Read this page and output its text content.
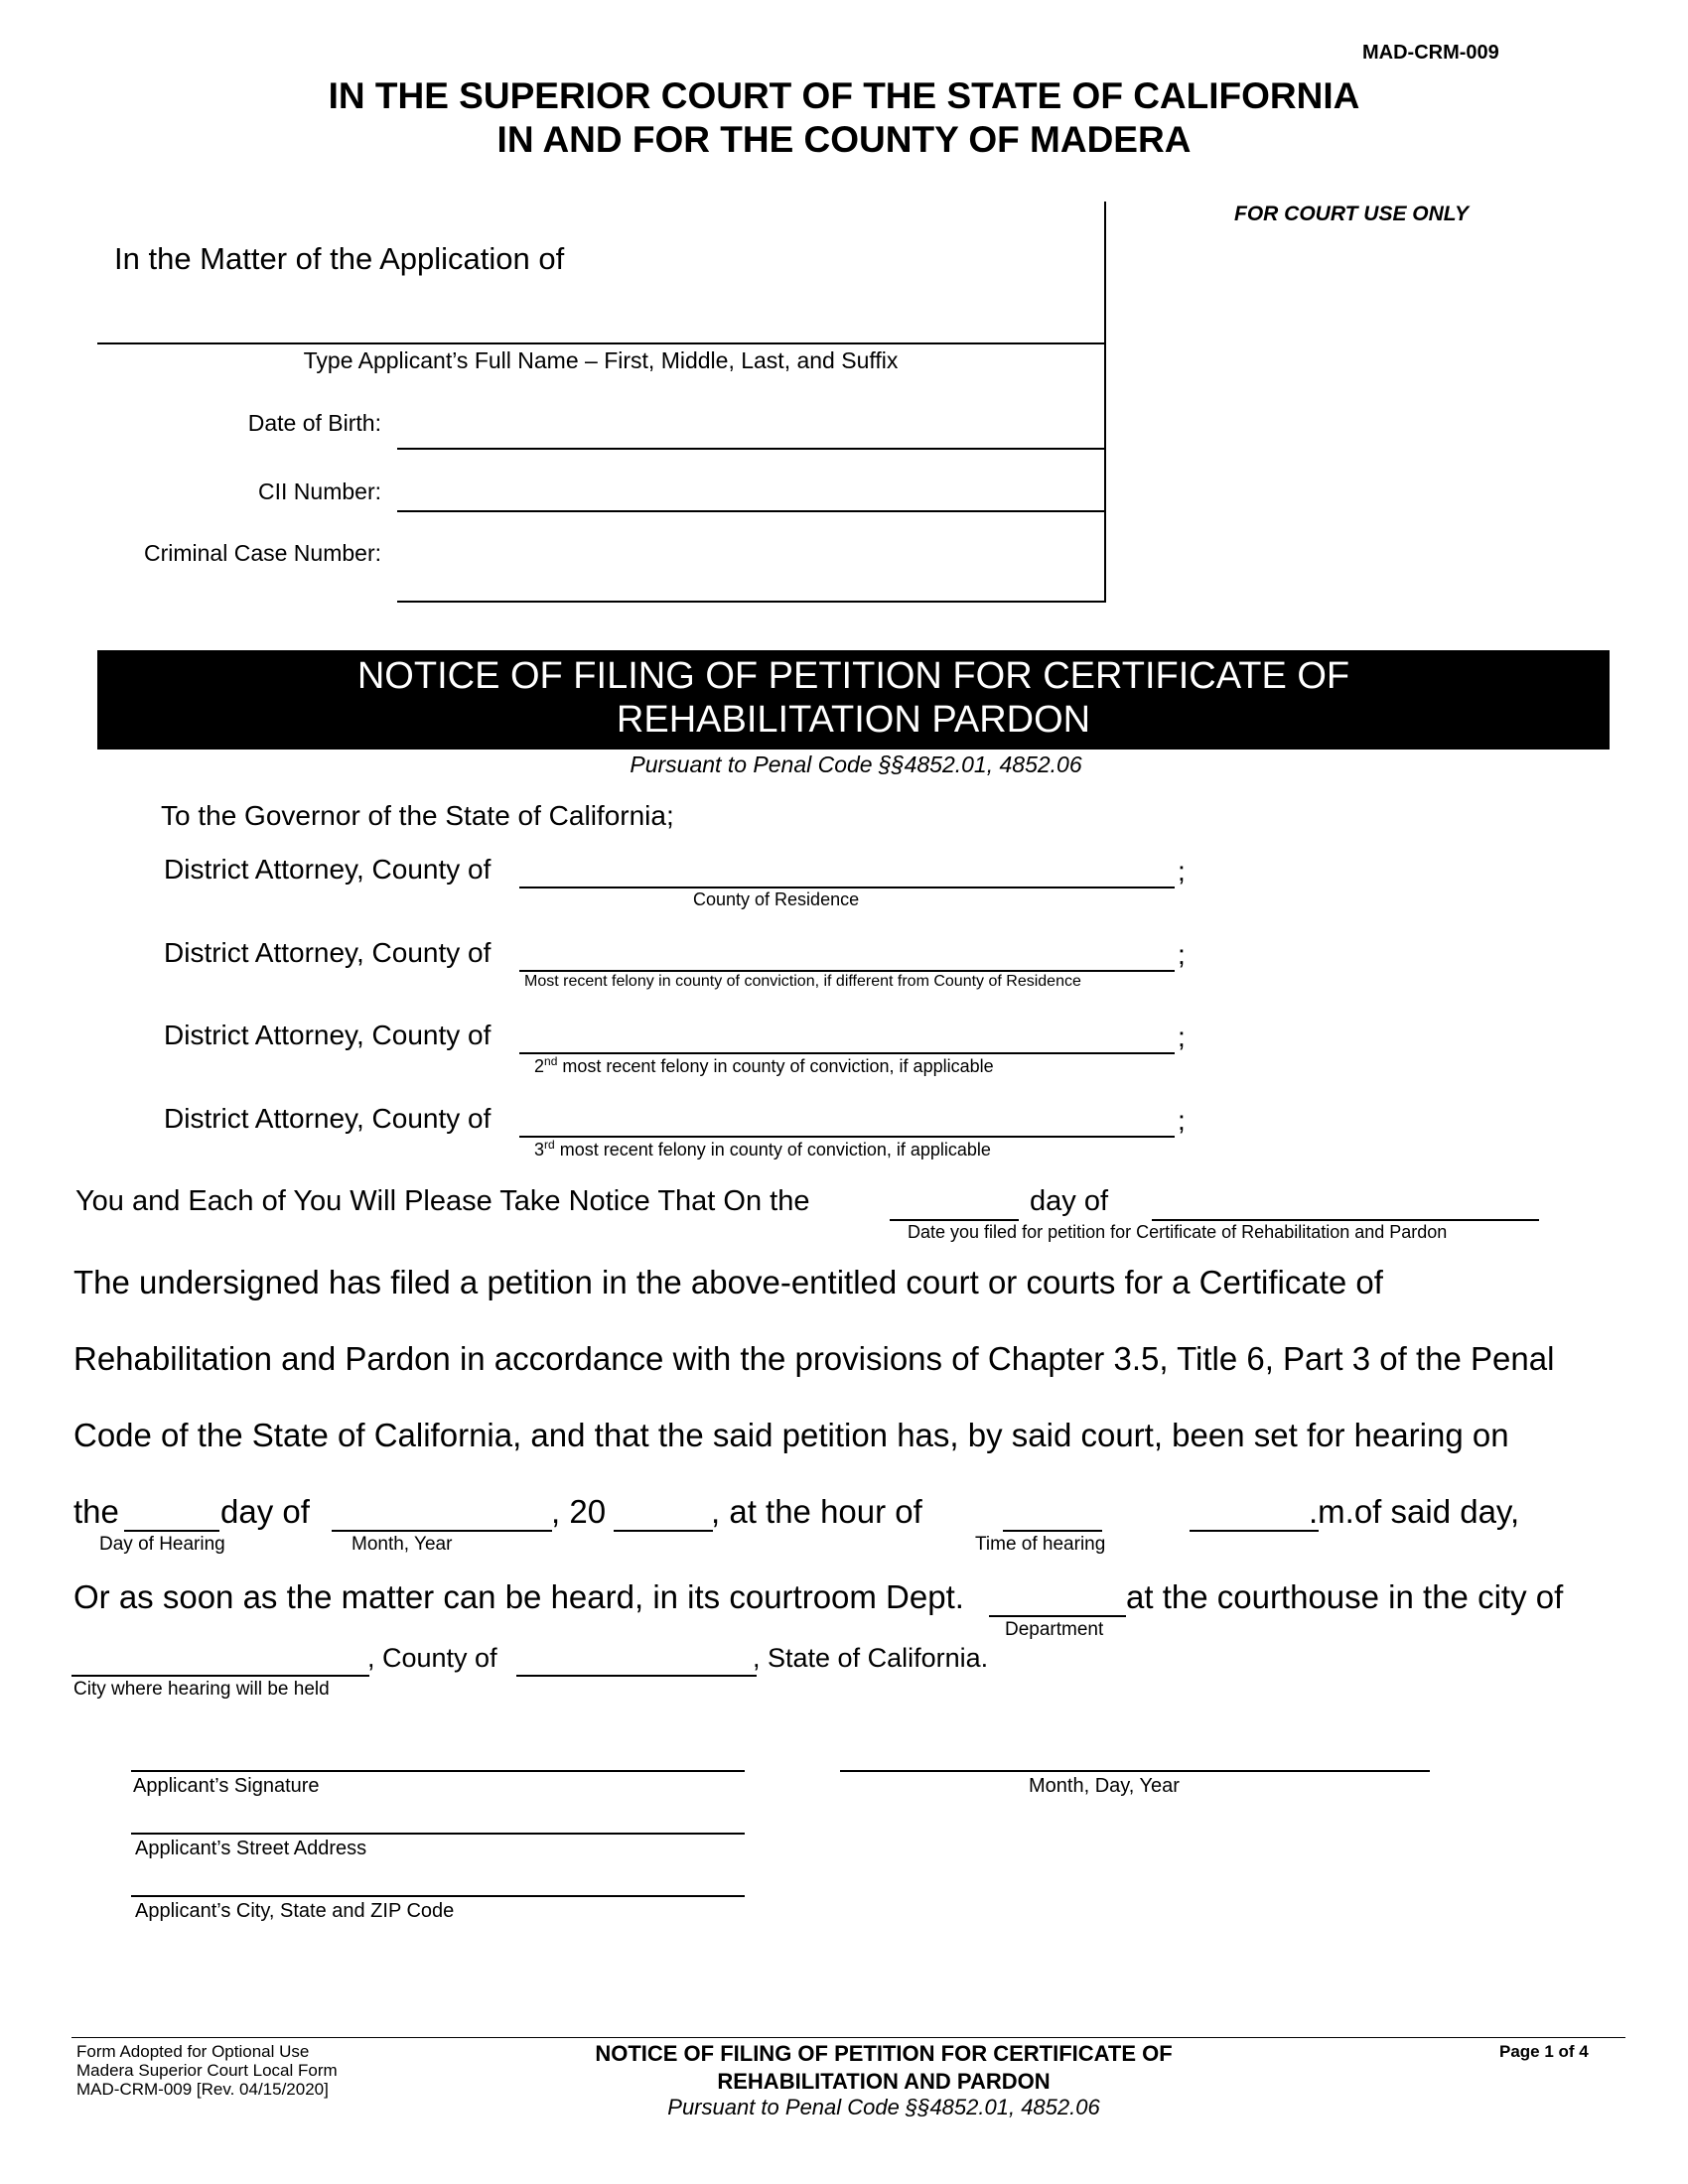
MAD-CRM-009
IN THE SUPERIOR COURT OF THE STATE OF CALIFORNIA
IN AND FOR THE COUNTY OF MADERA
FOR COURT USE ONLY
In the Matter of the Application of
Type Applicant’s Full Name – First, Middle, Last, and Suffix
Date of Birth:
CII Number:
Criminal Case Number:
NOTICE OF FILING OF PETITION FOR CERTIFICATE OF
REHABILITATION PARDON
Pursuant to Penal Code §§4852.01, 4852.06
To the Governor of the State of California;
District Attorney, County of	;
County of Residence
District Attorney, County of	;
Most recent felony in county of conviction, if different from County of Residence
District Attorney, County of	;
2nd most recent felony in county of conviction, if applicable
District Attorney, County of	;
3rd most recent felony in county of conviction, if applicable
You and Each of You Will Please Take Notice That On the	day of
Date you filed for petition for Certificate of Rehabilitation and Pardon
The undersigned has filed a petition in the above-entitled court or courts for a Certificate of
Rehabilitation and Pardon in accordance with the provisions of Chapter 3.5, Title 6, Part 3 of the Penal
Code of the State of California, and that the said petition has, by said court, been set for hearing on
the	day of	, 20	, at the hour of	.m.of said day,
Day of Hearing	Month, Year	Time of hearing
Or as soon as the matter can be heard, in its courtroom Dept.	at the courthouse in the city of
Department
, County of	, State of California.
City where hearing will be held
Applicant’s Signature	Month, Day, Year
Applicant’s Street Address
Applicant’s City, State and ZIP Code
Form Adopted for Optional Use
Madera Superior Court Local Form
MAD-CRM-009 [Rev. 04/15/2020]
NOTICE OF FILING OF PETITION FOR CERTIFICATE OF
REHABILITATION AND PARDON
Pursuant to Penal Code §§4852.01, 4852.06
Page 1 of 4
